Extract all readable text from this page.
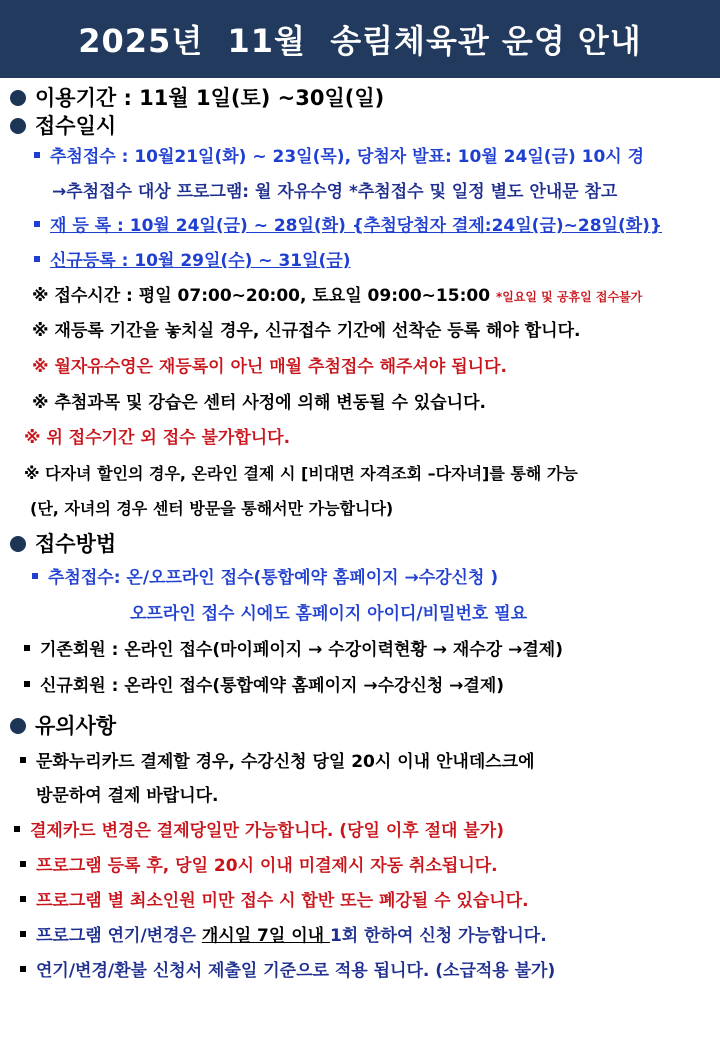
2025년  11월  송림체육관 운영 안내
이용기간 : 11월 1일(토) ~30일(일)
접수일시
추첨접수 : 10월21일(화) ~ 23일(목), 당첨자 발표: 10월 24일(금) 10시 경
→추첨접수 대상 프로그램: 월 자유수영 *추첨접수 및 일정 별도 안내문 참고
재 등 록 : 10월 24일(금) ~ 28일(화) {추첨당첨자 결제:24일(금)~28일(화)}
신규등록 : 10월 29일(수) ~ 31일(금)
※ 접수시간 : 평일 07:00~20:00, 토요일 09:00~15:00 *일요일 및 공휴일 접수불가
※ 재등록 기간을 놓치실 경우, 신규접수 기간에 선착순 등록 해야 합니다.
※ 월자유수영은 재등록이 아닌 매월 추첨접수 해주셔야 됩니다.
※ 추첨과목 및 강습은 센터 사정에 의해 변동될 수 있습니다.
※ 위 접수기간 외 접수 불가합니다.
※ 다자녀 할인의 경우, 온라인 결제 시 [비대면 자격조회 –다자녀]를 통해 가능
(단, 자녀의 경우 센터 방문을 통해서만 가능합니다)
접수방법
추첨접수: 온/오프라인 접수(통합예약 홈페이지 →수강신청 )
오프라인 접수 시에도 홈페이지 아이디/비밀번호 필요
기존회원 : 온라인 접수(마이페이지 → 수강이력현황 → 재수강 →결제)
신규회원 : 온라인 접수(통합예약 홈페이지 →수강신청 →결제)
유의사항
문화누리카드 결제할 경우, 수강신청 당일 20시 이내 안내데스크에
방문하여 결제 바랍니다.
결제카드 변경은 결제당일만 가능합니다. (당일 이후 절대 불가)
프로그램 등록 후, 당일 20시 이내 미결제시 자동 취소됩니다.
프로그램 별 최소인원 미만 접수 시 합반 또는 폐강될 수 있습니다.
프로그램 연기/변경은 개시일 7일 이내 1회 한하여 신청 가능합니다.
연기/변경/환불 신청서 제출일 기준으로 적용 됩니다. (소급적용 불가)
